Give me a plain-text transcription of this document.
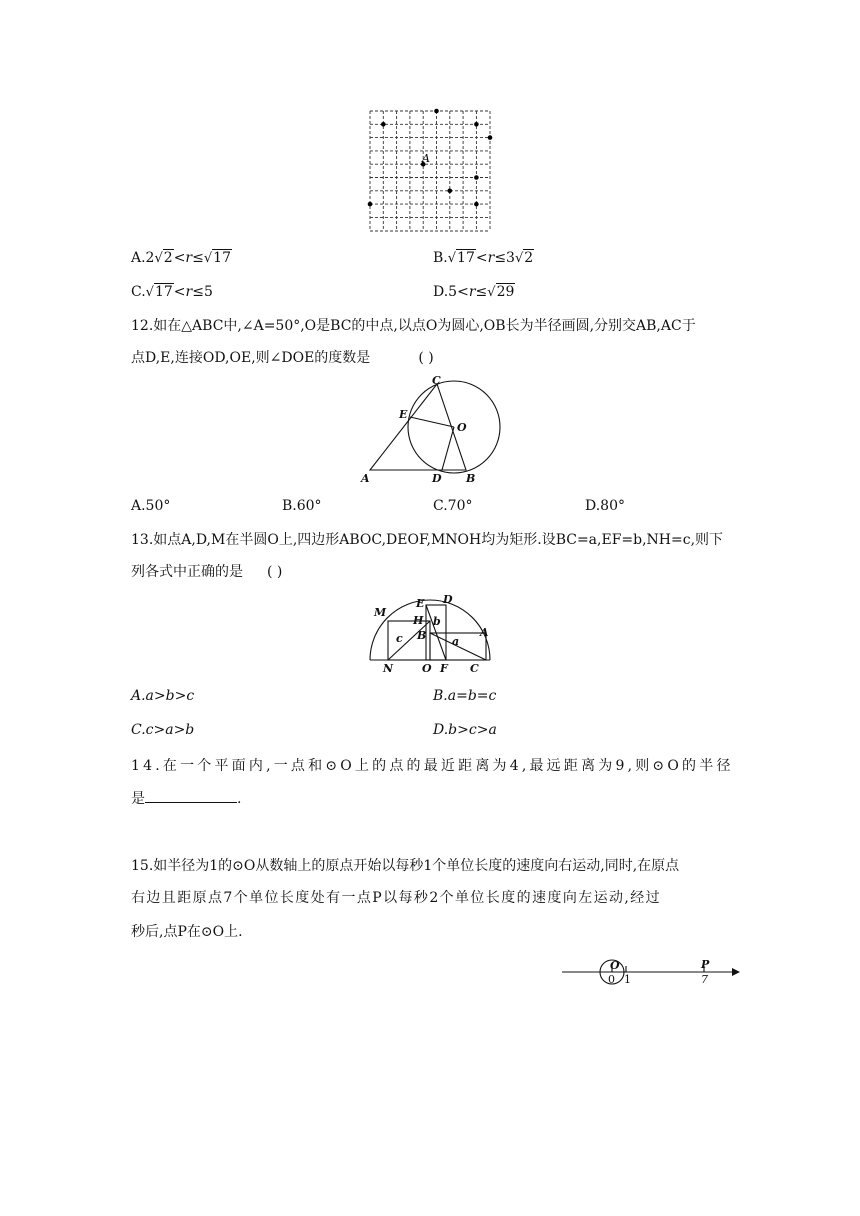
A
A.2√2<r≤√17	B.√17<r≤3√2
C.√17<r≤5	D.5<r≤√29
12.如在△ABC中,∠A=50°,O是BC的中点,以点O为圆心,OB长为半径画圆,分别交AB,AC于
点D,E,连接OD,OE,则∠DOE的度数是	( )
C
E
O
A	D B
A.50°	B.60°	C.70°	D.80°
13.如点A,D,M在半圆O上,四边形ABOC,DEOF,MNOH均为矩形.设BC=a,EF=b,NH=c,则下
列各式中正确的是 ( )
M
E D
H b
c B a
A
N	O F C
A.a>b>c	B.a=b=c
C.c>a>b	D.b>c>a
14.在一个平面内,一点和⊙O上的点的最近距离为4,最远距离为9,则⊙O的半径
是	.
15.如半径为1的⊙O从数轴上的原点开始以每秒1个单位长度的速度向右运动,同时,在原点
右边且距原点7个单位长度处有一点P以每秒2个单位长度的速度向左运动,经过
秒后,点P在⊙O上.
O
0 1
P
7
